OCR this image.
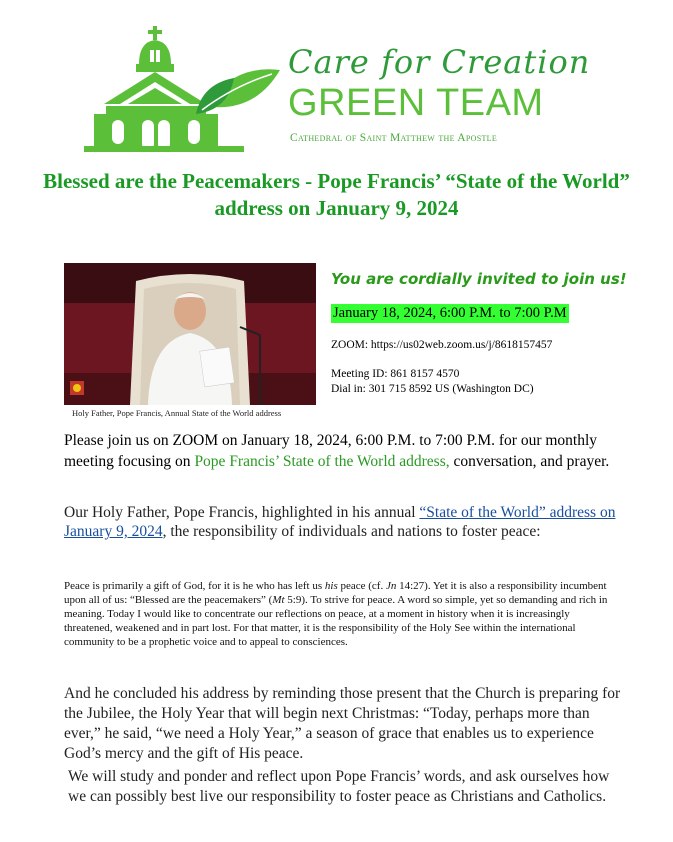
Care for Creation
GREEN TEAM
Cathedral of Saint Matthew the Apostle
Blessed are the Peacemakers - Pope Francis’ “State of the World” address on January 9, 2024
Holy Father, Pope Francis, Annual State of the World address
You are cordially invited to join us!
January 18, 2024, 6:00 P.M. to 7:00 P.M
ZOOM: https://us02web.zoom.us/j/8618157457
Meeting ID: 861 8157 4570
Dial in: 301 715 8592 US (Washington DC)
Please join us on ZOOM on January 18, 2024, 6:00 P.M. to 7:00 P.M. for our monthly meeting focusing on Pope Francis’ State of the World address, conversation, and prayer.
Our Holy Father, Pope Francis, highlighted in his annual “State of the World” address on January 9, 2024, the responsibility of individuals and nations to foster peace:
Peace is primarily a gift of God, for it is he who has left us his peace (cf. Jn 14:27). Yet it is also a responsibility incumbent upon all of us: “Blessed are the peacemakers” (Mt 5:9). To strive for peace. A word so simple, yet so demanding and rich in meaning. Today I would like to concentrate our reflections on peace, at a moment in history when it is increasingly threatened, weakened and in part lost. For that matter, it is the responsibility of the Holy See within the international community to be a prophetic voice and to appeal to consciences.
And he concluded his address by reminding those present that the Church is preparing for the Jubilee, the Holy Year that will begin next Christmas: “Today, perhaps more than ever,” he said, “we need a Holy Year,” a season of grace that enables us to experience God’s mercy and the gift of His peace.
We will study and ponder and reflect upon Pope Francis’ words, and ask ourselves how we can possibly best live our responsibility to foster peace as Christians and Catholics.
